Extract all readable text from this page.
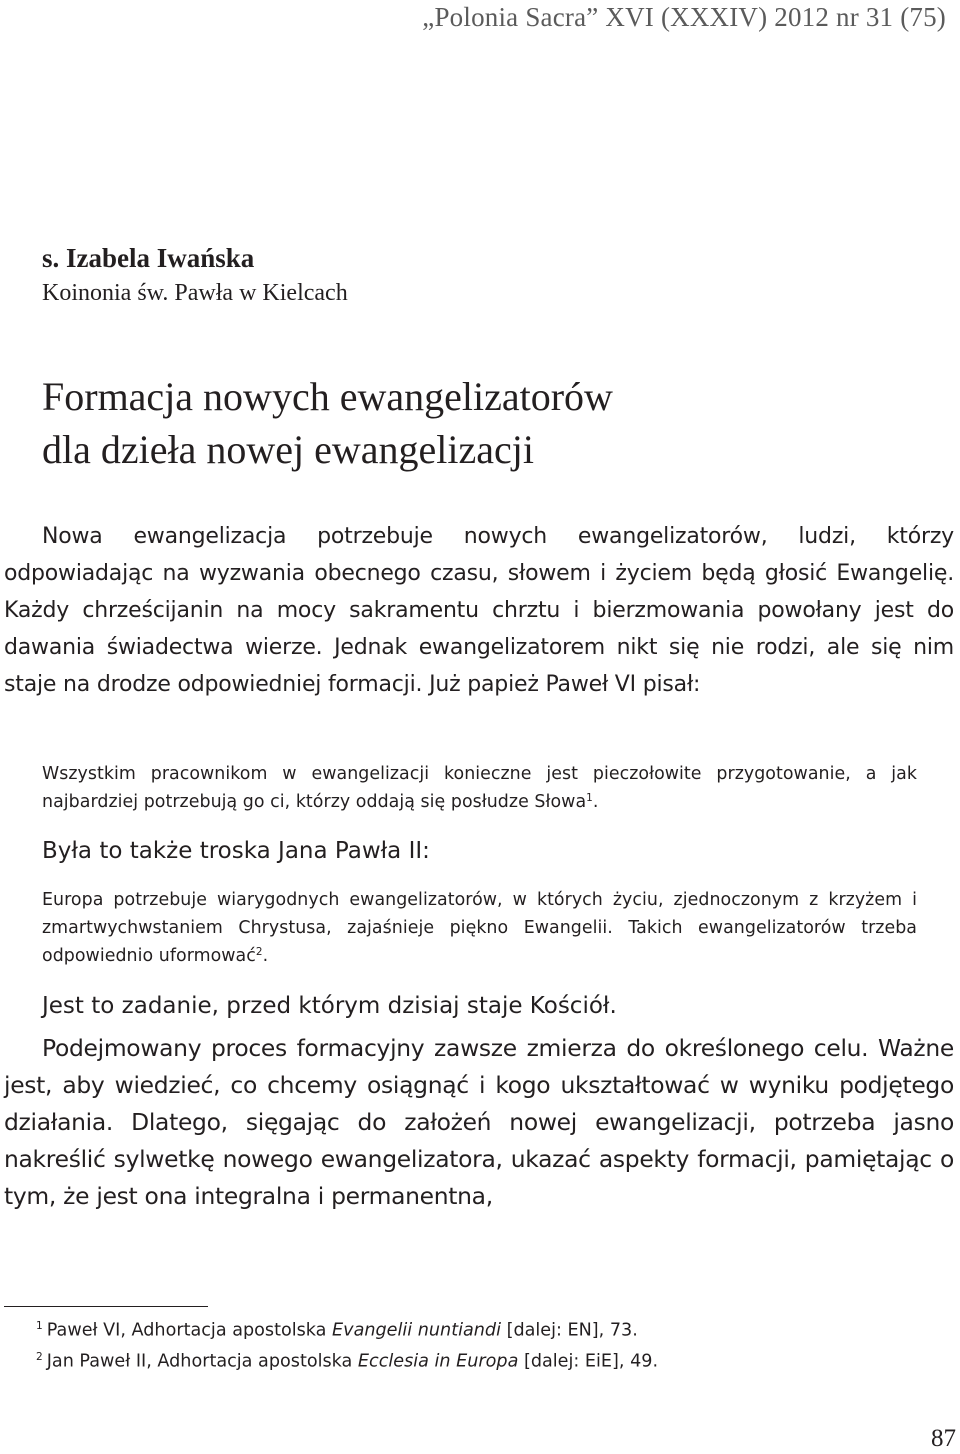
„Polonia Sacra” XVI (XXXIV) 2012 nr 31 (75)
s. Izabela Iwańska
Koinonia św. Pawła w Kielcach
Formacja nowych ewangelizatorów
dla dzieła nowej ewangelizacji
Nowa ewangelizacja potrzebuje nowych ewangelizatorów, ludzi, którzy odpowiadając na wyzwania obecnego czasu, słowem i życiem będą głosić Ewangelię. Każdy chrześcijanin na mocy sakramentu chrztu i bierzmowania powołany jest do dawania świadectwa wierze. Jednak ewangelizatorem nikt się nie rodzi, ale się nim staje na drodze odpowiedniej formacji. Już papież Paweł VI pisał:
Wszystkim pracownikom w ewangelizacji konieczne jest pieczołowite przygotowanie, a jak najbardziej potrzebują go ci, którzy oddają się posłudze Słowa$^1$.
Była to także troska Jana Pawła II:
Europa potrzebuje wiarygodnych ewangelizatorów, w których życiu, zjednoczonym z krzyżem i zmartwychwstaniem Chrystusa, zajaśnieje piękno Ewangelii. Takich ewangelizatorów trzeba odpowiednio uformować$^2$.
Jest to zadanie, przed którym dzisiaj staje Kościół.
Podejmowany proces formacyjny zawsze zmierza do określonego celu. Ważne jest, aby wiedzieć, co chcemy osiągnąć i kogo ukształtować w wyniku podjętego działania. Dlatego, sięgając do założeń nowej ewangelizacji, potrzeba jasno nakreślić sylwetkę nowego ewangelizatora, ukazać aspekty formacji, pamiętając o tym, że jest ona integralna i permanentna,
$^1$ Paweł VI, Adhortacja apostolska Evangelii nuntiandi [dalej: EN], 73.
$^2$ Jan Paweł II, Adhortacja apostolska Ecclesia in Europa [dalej: EiE], 49.
87
